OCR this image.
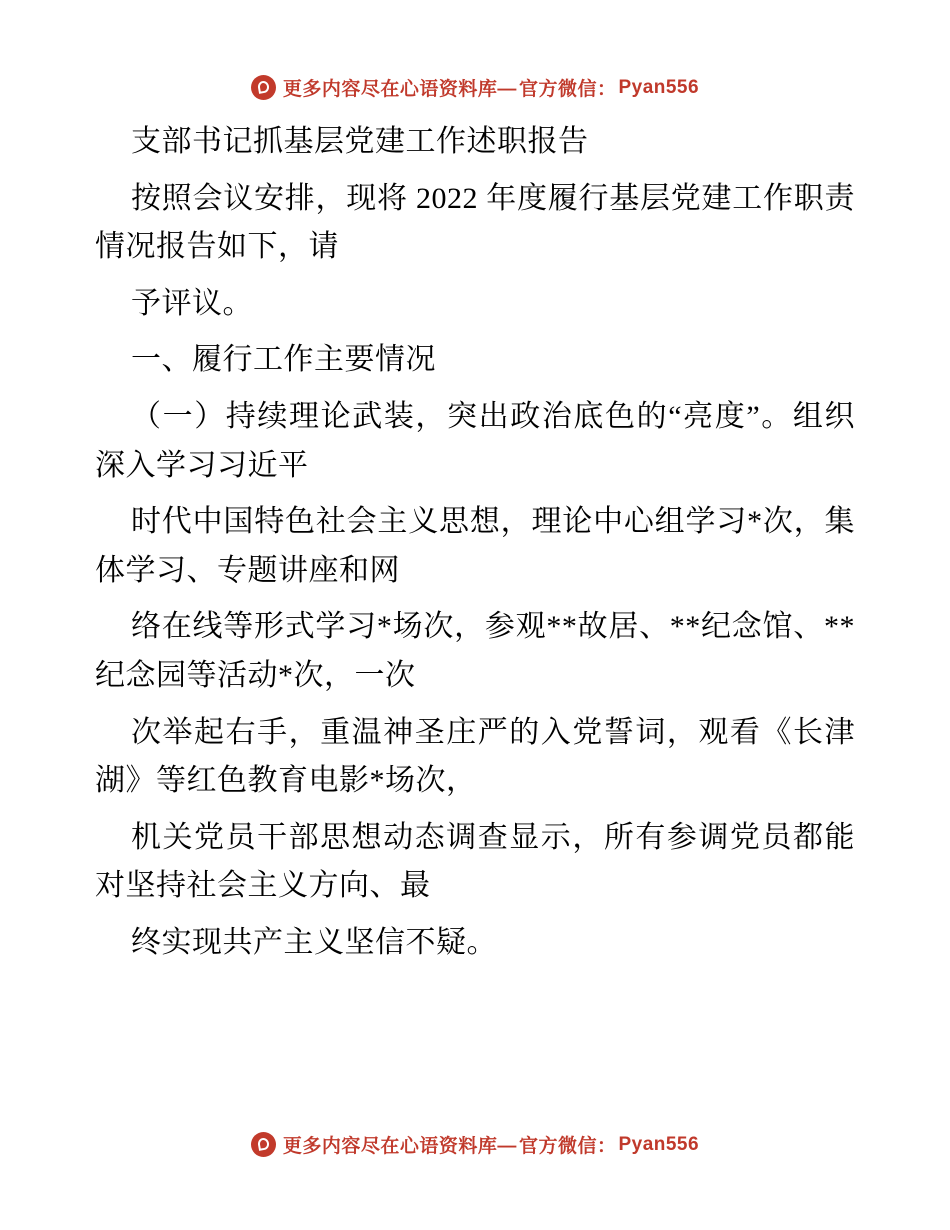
更多内容尽在心语资料库— 官方微信： Pyan556

支部书记抓基层党建工作述职报告

按照会议安排，现将 2022 年度履行基层党建工作职责情况报告如下，请

予评议。

一、履行工作主要情况

（一）持续理论武装，突出政治底色的“亮度”。组织深入学习习近平

时代中国特色社会主义思想，理论中心组学习*次，集体学习、专题讲座和网

络在线等形式学习*场次，参观**故居、**纪念馆、**纪念园等活动*次，一次

次举起右手，重温神圣庄严的入党誓词，观看《长津湖》等红色教育电影*场次，

机关党员干部思想动态调查显示，所有参调党员都能对坚持社会主义方向、最

终实现共产主义坚信不疑。

更多内容尽在心语资料库— 官方微信： Pyan556
